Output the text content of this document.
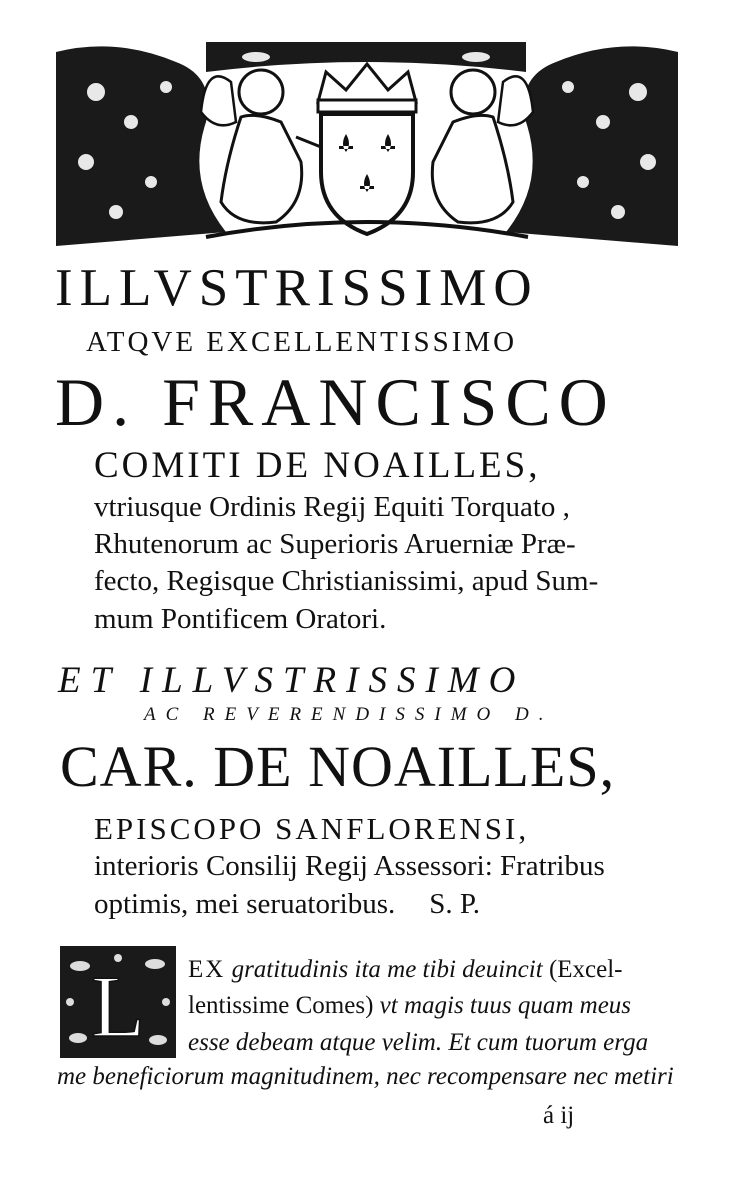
ILLVSTRISSIMO
ATQVE EXCELLENTISSIMO
D. FRANCISCO
COMITI DE NOAILLES,
vtriusque Ordinis Regij Equiti Torquato ,
Rhutenorum ac Superioris Aruerniæ Præ-
fecto, Regisque Christianissimi, apud Sum-
mum Pontificem Oratori.
ET ILLVSTRISSIMO
AC REVERENDISSIMO D.
CAR. DE NOAILLES,
EPISCOPO SANFLORENSI,
interioris Consilij Regij Assessori: Fratribus
optimis, mei seruatoribus. S. P.
L EX gratitudinis ita me tibi deuincit (Excel-
lentissime Comes) vt magis tuus quam meus
esse debeam atque velim. Et cum tuorum erga
me beneficiorum magnitudinem, nec recompensare nec metiri
á ij
